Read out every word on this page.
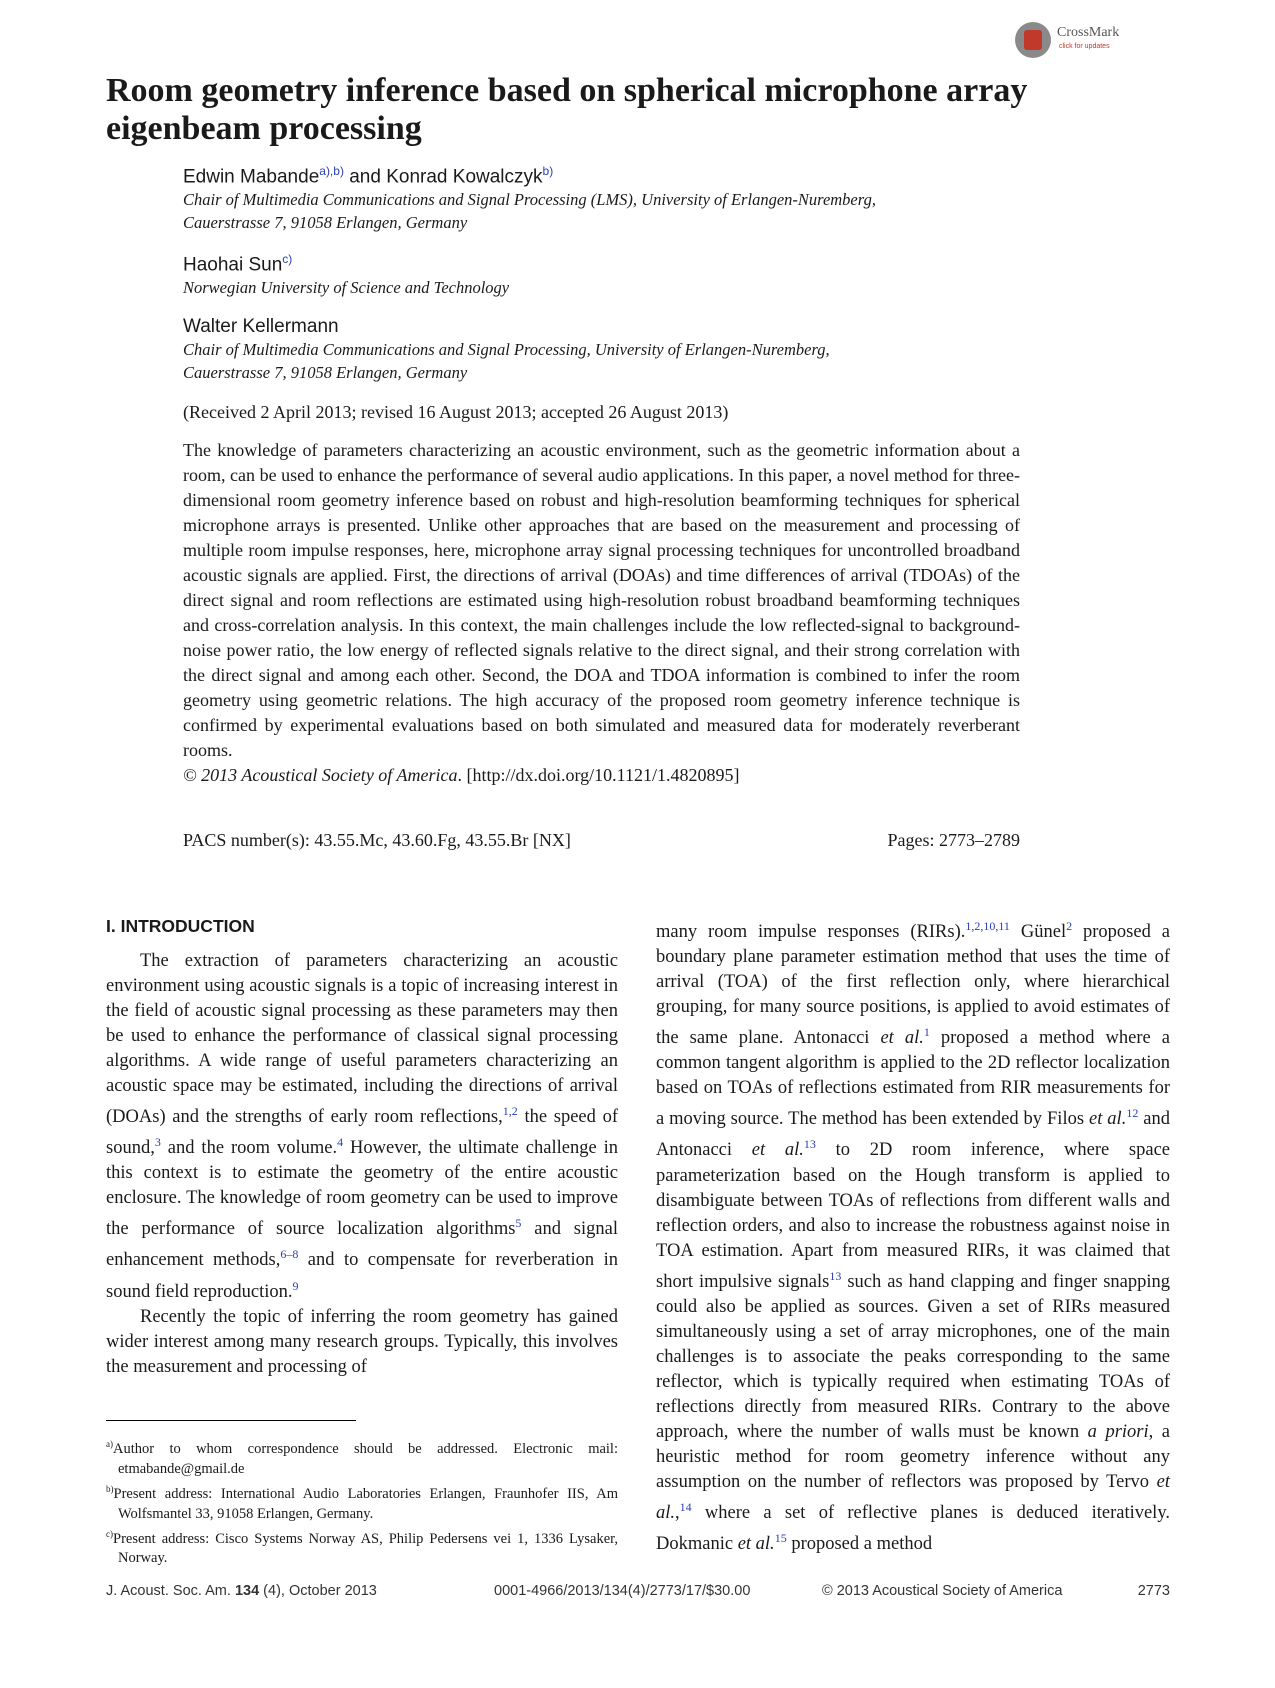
CrossMark
click for updates
Room geometry inference based on spherical microphone array eigenbeam processing
Edwin Mabande$^{a),b)}$ and Konrad Kowalczyk$^{b)}$
Chair of Multimedia Communications and Signal Processing (LMS), University of Erlangen-Nuremberg,
Cauerstrasse 7, 91058 Erlangen, Germany
Haohai Sun$^{c)}$
Norwegian University of Science and Technology
Walter Kellermann
Chair of Multimedia Communications and Signal Processing, University of Erlangen-Nuremberg,
Cauerstrasse 7, 91058 Erlangen, Germany
(Received 2 April 2013; revised 16 August 2013; accepted 26 August 2013)

The knowledge of parameters characterizing an acoustic environment, such as the geometric information about a room, can be used to enhance the performance of several audio applications. In this paper, a novel method for three-dimensional room geometry inference based on robust and high-resolution beamforming techniques for spherical microphone arrays is presented. Unlike other approaches that are based on the measurement and processing of multiple room impulse responses, here, microphone array signal processing techniques for uncontrolled broadband acoustic signals are applied. First, the directions of arrival (DOAs) and time differences of arrival (TDOAs) of the direct signal and room reflections are estimated using high-resolution robust broadband beamforming techniques and cross-correlation analysis. In this context, the main challenges include the low reflected-signal to background-noise power ratio, the low energy of reflected signals relative to the direct signal, and their strong correlation with the direct signal and among each other. Second, the DOA and TDOA information is combined to infer the room geometry using geometric relations. The high accuracy of the proposed room geometry inference technique is confirmed by experimental evaluations based on both simulated and measured data for moderately reverberant rooms.
© 2013 Acoustical Society of America. [http://dx.doi.org/10.1121/1.4820895]

PACS number(s): 43.55.Mc, 43.60.Fg, 43.55.Br [NX]	Pages: 2773–2789
I. INTRODUCTION

The extraction of parameters characterizing an acoustic environment using acoustic signals is a topic of increasing interest in the field of acoustic signal processing as these parameters may then be used to enhance the performance of classical signal processing algorithms. A wide range of useful parameters characterizing an acoustic space may be estimated, including the directions of arrival (DOAs) and the strengths of early room reflections,$^{1,2}$ the speed of sound,$^3$ and the room volume.$^4$ However, the ultimate challenge in this context is to estimate the geometry of the entire acoustic enclosure. The knowledge of room geometry can be used to improve the performance of source localization algorithms$^5$ and signal enhancement methods,$^{6-8}$ and to compensate for reverberation in sound field reproduction.$^9$

Recently the topic of inferring the room geometry has gained wider interest among many research groups. Typically, this involves the measurement and processing of

many room impulse responses (RIRs).$^{1,2,10,11}$ Günel$^2$ proposed a boundary plane parameter estimation method that uses the time of arrival (TOA) of the first reflection only, where hierarchical grouping, for many source positions, is applied to avoid estimates of the same plane. Antonacci et al.$^1$ proposed a method where a common tangent algorithm is applied to the 2D reflector localization based on TOAs of reflections estimated from RIR measurements for a moving source. The method has been extended by Filos et al.$^{12}$ and Antonacci et al.$^{13}$ to 2D room inference, where space parameterization based on the Hough transform is applied to disambiguate between TOAs of reflections from different walls and reflection orders, and also to increase the robustness against noise in TOA estimation. Apart from measured RIRs, it was claimed that short impulsive signals$^{13}$ such as hand clapping and finger snapping could also be applied as sources. Given a set of RIRs measured simultaneously using a set of array microphones, one of the main challenges is to associate the peaks corresponding to the same reflector, which is typically required when estimating TOAs of reflections directly from measured RIRs. Contrary to the above approach, where the number of walls must be known a priori, a heuristic method for room geometry inference without any assumption on the number of reflectors was proposed by Tervo et al.,$^{14}$ where a set of reflective planes is deduced iteratively. Dokmanic et al.$^{15}$ proposed a method

$^{a)}$Author to whom correspondence should be addressed. Electronic mail: etmabande@gmail.de

$^{b)}$Present address: International Audio Laboratories Erlangen, Fraunhofer IIS, Am Wolfsmantel 33, 91058 Erlangen, Germany.

$^{c)}$Present address: Cisco Systems Norway AS, Philip Pedersens vei 1, 1336 Lysaker, Norway.

J. Acoust. Soc. Am. 134 (4), October 2013	0001-4966/2013/134(4)/2773/17/$30.00	© 2013 Acoustical Society of America	2773
